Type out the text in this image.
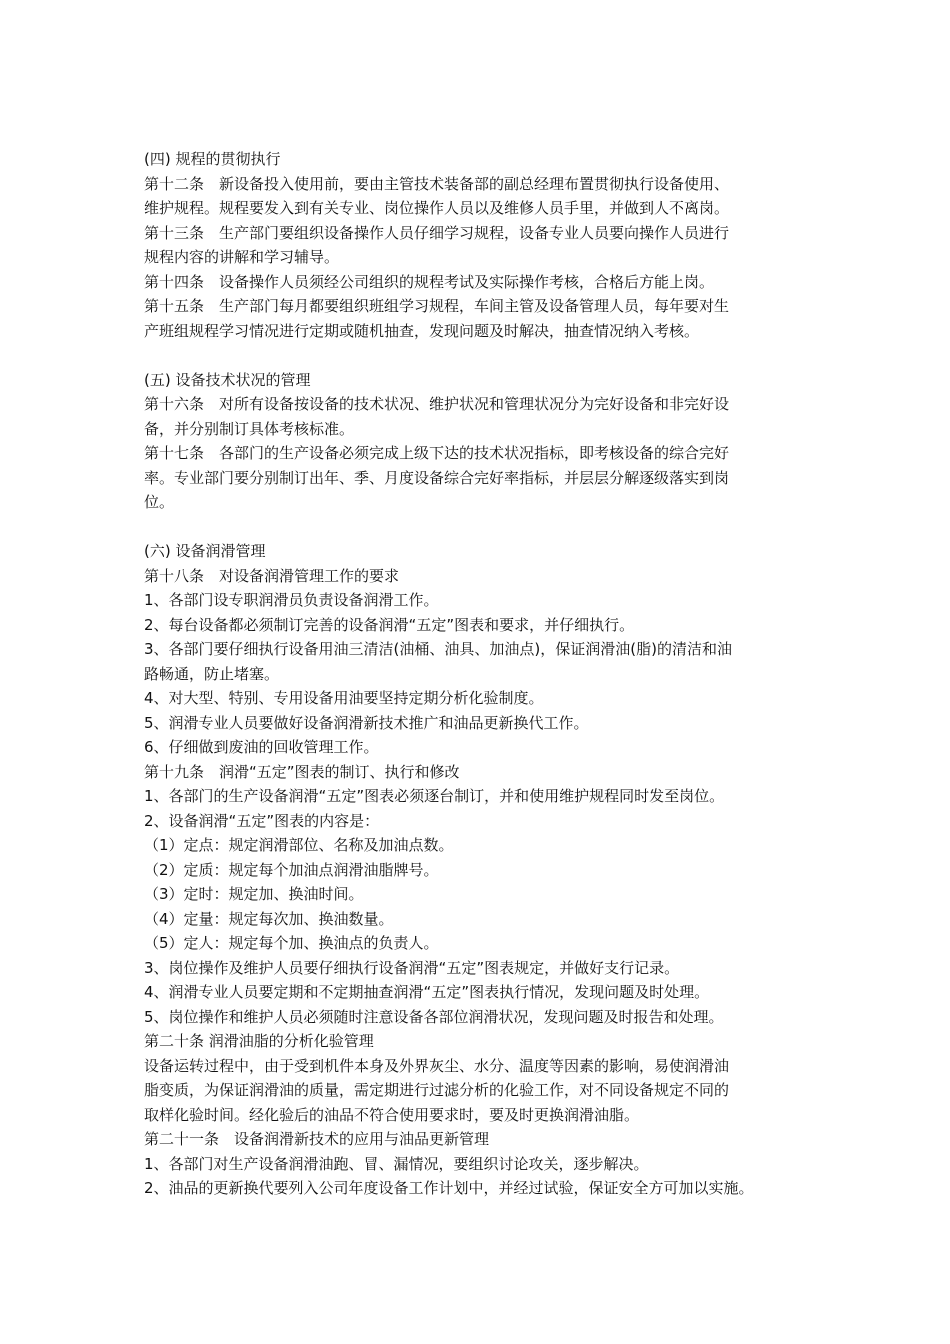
(四) 规程的贯彻执行
第十二条　新设备投入使用前，要由主管技术装备部的副总经理布置贯彻执行设备使用、
维护规程。规程要发入到有关专业、岗位操作人员以及维修人员手里，并做到人不离岗。
第十三条　生产部门要组织设备操作人员仔细学习规程，设备专业人员要向操作人员进行
规程内容的讲解和学习辅导。
第十四条　设备操作人员须经公司组织的规程考试及实际操作考核，合格后方能上岗。
第十五条　生产部门每月都要组织班组学习规程，车间主管及设备管理人员，每年要对生
产班组规程学习情况进行定期或随机抽查，发现问题及时解决，抽查情况纳入考核。
(五) 设备技术状况的管理
第十六条　对所有设备按设备的技术状况、维护状况和管理状况分为完好设备和非完好设
备，并分别制订具体考核标准。
第十七条　各部门的生产设备必须完成上级下达的技术状况指标，即考核设备的综合完好
率。专业部门要分别制订出年、季、月度设备综合完好率指标，并层层分解逐级落实到岗
位。
(六) 设备润滑管理
第十八条　对设备润滑管理工作的要求
1、各部门设专职润滑员负责设备润滑工作。
2、每台设备都必须制订完善的设备润滑“五定”图表和要求，并仔细执行。
3、各部门要仔细执行设备用油三清洁(油桶、油具、加油点)，保证润滑油(脂)的清洁和油
路畅通，防止堵塞。
4、对大型、特别、专用设备用油要坚持定期分析化验制度。
5、润滑专业人员要做好设备润滑新技术推广和油品更新换代工作。
6、仔细做到废油的回收管理工作。
第十九条　润滑“五定”图表的制订、执行和修改
1、各部门的生产设备润滑“五定”图表必须逐台制订，并和使用维护规程同时发至岗位。
2、设备润滑“五定”图表的内容是：
（1）定点：规定润滑部位、名称及加油点数。
（2）定质：规定每个加油点润滑油脂牌号。
（3）定时：规定加、换油时间。
（4）定量：规定每次加、换油数量。
（5）定人：规定每个加、换油点的负责人。
3、岗位操作及维护人员要仔细执行设备润滑“五定”图表规定，并做好支行记录。
4、润滑专业人员要定期和不定期抽查润滑“五定”图表执行情况，发现问题及时处理。
5、岗位操作和维护人员必须随时注意设备各部位润滑状况，发现问题及时报告和处理。
第二十条 润滑油脂的分析化验管理
设备运转过程中，由于受到机件本身及外界灰尘、水分、温度等因素的影响，易使润滑油
脂变质，为保证润滑油的质量，需定期进行过滤分析的化验工作，对不同设备规定不同的
取样化验时间。经化验后的油品不符合使用要求时，要及时更换润滑油脂。
第二十一条　设备润滑新技术的应用与油品更新管理
1、各部门对生产设备润滑油跑、冒、漏情况，要组织讨论攻关，逐步解决。
2、油品的更新换代要列入公司年度设备工作计划中，并经过试验，保证安全方可加以实施。
